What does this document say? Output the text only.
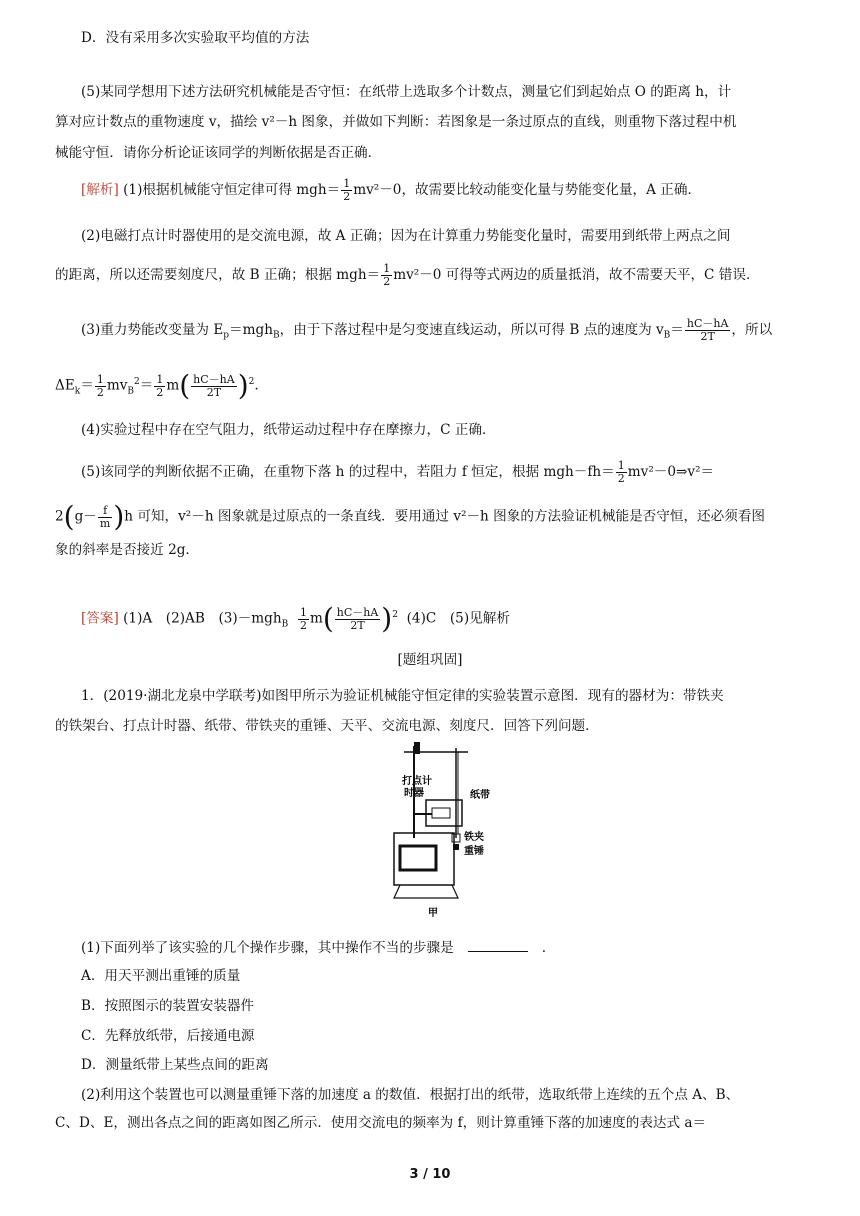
D．没有采用多次实验取平均值的方法
(5)某同学想用下述方法研究机械能是否守恒：在纸带上选取多个计数点，测量它们到起始点 O 的距离 h，计
算对应计数点的重物速度 v，描绘 v²－h 图象，并做如下判断：若图象是一条过原点的直线，则重物下落过程中机
械能守恒．请你分析论证该同学的判断依据是否正确．
[解析] (1)根据机械能守恒定律可得 $mgh= \frac{1}{2} mv^2-0$，故需要比较动能变化量与势能变化量，A 正确．
(2)电磁打点计时器使用的是交流电源，故 A 正确；因为在计算重力势能变化量时，需要用到纸带上两点之间
的距离，所以还需要刻度尺，故 B 正确；根据 $mgh= \frac{1}{2} mv^2-0$ 可得等式两边的质量抵消，故不需要天平，C 错误．
(3)重力势能改变量为 $E_p=mgh_B$，由于下落过程中是匀变速直线运动，所以可得 B 点的速度为 $v_B= \frac{hC-hA}{2T}$ ，所以
$\Delta E_k= \frac{1}{2} mv_B^2= \frac{1}{2} m( \frac{hC-hA}{2T} )^2$.
(4)实验过程中存在空气阻力，纸带运动过程中存在摩擦力，C 正确．
(5)该同学的判断依据不正确，在重物下落 h 的过程中，若阻力 f 恒定，根据 $mgh-fh= \frac{1}{2}$ mv²－0⇒v²＝
$2(g- \frac{f}{m} )h$ 可知，v²－h 图象就是过原点的一条直线．要用通过 v²－h 图象的方法验证机械能是否守恒，还必须看图
象的斜率是否接近 2g．
[答案] (1)A　(2)AB　$(3)-mgh_B \frac{1}{2} m( \frac{hC-hA}{2T} )^2$ (4)C　(5)见解析
[题组巩固]
1．(2019·湖北龙泉中学联考)如图甲所示为验证机械能守恒定律的实验装置示意图．现有的器材为：带铁夹
的铁架台、打点计时器、纸带、带铁夹的重锤、天平、交流电源、刻度尺．回答下列问题．
打点计
时器	纸带
铁夹
重锤
甲
(1)下面列举了该实验的几个操作步骤，其中操作不当的步骤是	.
A．用天平测出重锤的质量
B．按照图示的装置安装器件
C．先释放纸带，后接通电源
D．测量纸带上某些点间的距离
(2)利用这个装置也可以测量重锤下落的加速度 a 的数值．根据打出的纸带，选取纸带上连续的五个点 A、B、
C、D、E，测出各点之间的距离如图乙所示．使用交流电的频率为 f，则计算重锤下落的加速度的表达式 a＝
3 / 10
